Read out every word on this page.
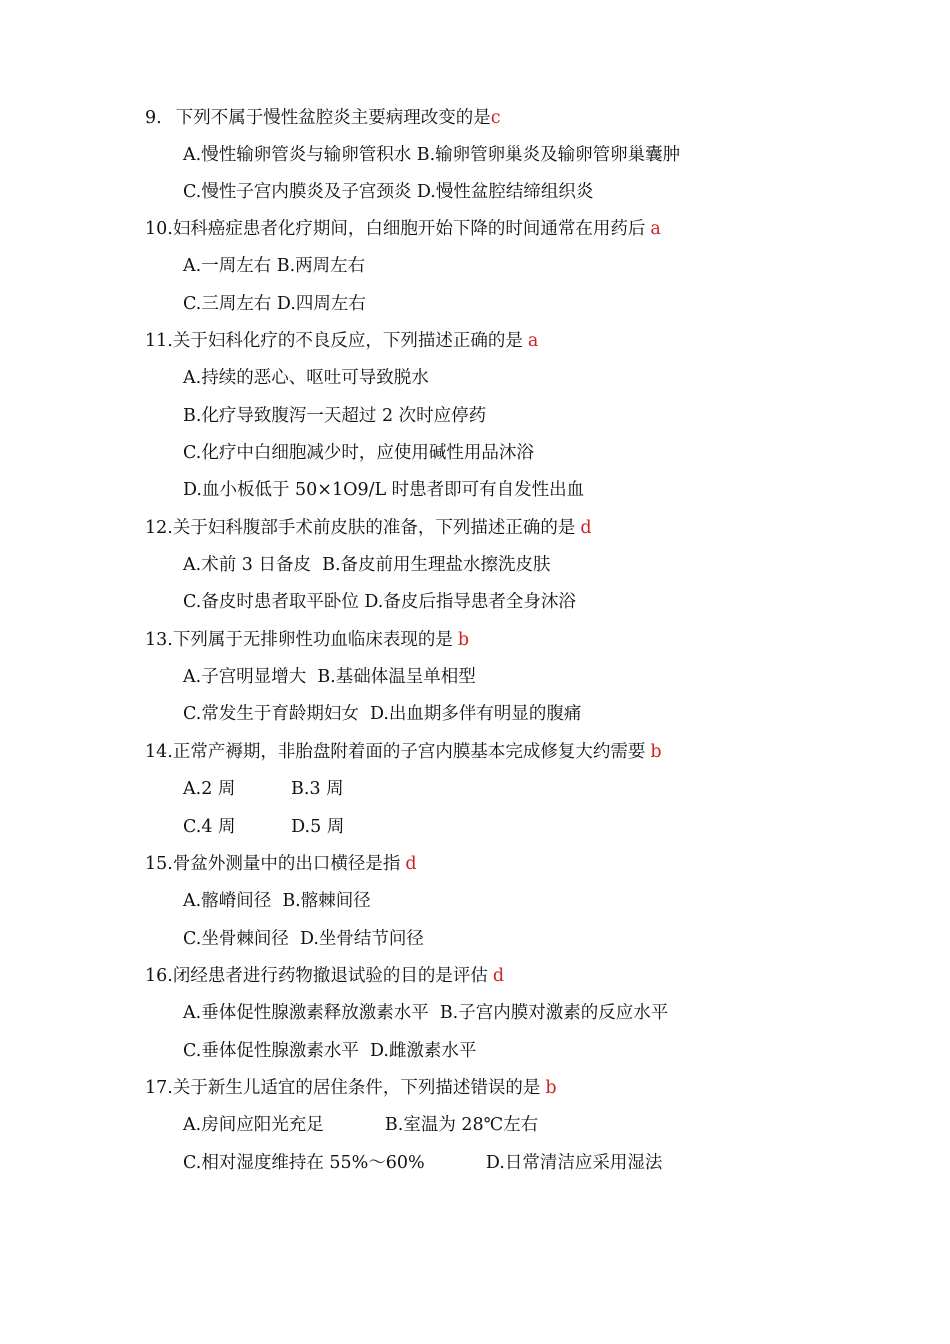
9. 下列不属于慢性盆腔炎主要病理改变的是c
A.慢性输卵管炎与输卵管积水 B.输卵管卵巢炎及输卵管卵巢囊肿
C.慢性子宫内膜炎及子宫颈炎 D.慢性盆腔结缔组织炎
10.妇科癌症患者化疗期间，白细胞开始下降的时间通常在用药后 a
A.一周左右 B.两周左右
C.三周左右 D.四周左右
11.关于妇科化疗的不良反应，下列描述正确的是 a
A.持续的恶心、呕吐可导致脱水
B.化疗导致腹泻一天超过 2 次时应停药
C.化疗中白细胞减少时，应使用碱性用品沐浴
D.血小板低于 50×1O9/L 时患者即可有自发性出血
12.关于妇科腹部手术前皮肤的准备，下列描述正确的是 d
A.术前 3 日备皮  B.备皮前用生理盐水擦洗皮肤
C.备皮时患者取平卧位 D.备皮后指导患者全身沐浴
13.下列属于无排卵性功血临床表现的是 b
A.子宫明显增大  B.基础体温呈单相型
C.常发生于育龄期妇女  D.出血期多伴有明显的腹痛
14.正常产褥期，非胎盘附着面的子宫内膜基本完成修复大约需要 b
A.2 周          B.3 周
C.4 周          D.5 周
15.骨盆外测量中的出口横径是指 d
A.髂嵴间径  B.髂棘间径
C.坐骨棘间径  D.坐骨结节问径
16.闭经患者进行药物撤退试验的目的是评估 d
A.垂体促性腺激素释放激素水平  B.子宫内膜对激素的反应水平
C.垂体促性腺激素水平  D.雌激素水平
17.关于新生儿适宜的居住条件，下列描述错误的是 b
A.房间应阳光充足           B.室温为 28℃左右
C.相对湿度维持在 55%～60%           D.日常清洁应采用湿法
